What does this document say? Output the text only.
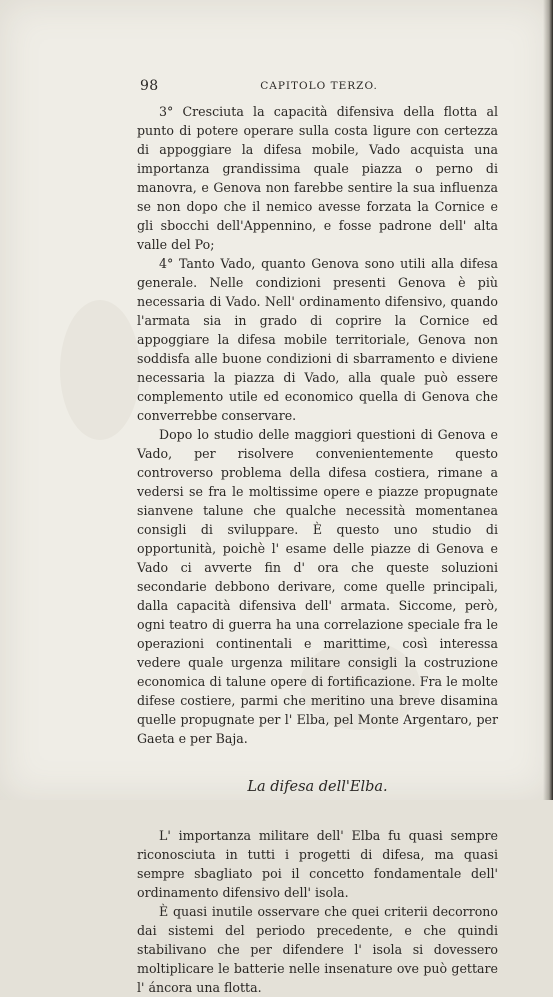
98	CAPITOLO TERZO.

3° Cresciuta la capacità difensiva della flotta al punto di potere operare sulla costa ligure con certezza di appoggiare la difesa mobile, Vado acquista una importanza grandissima quale piazza o perno di manovra, e Genova non farebbe sentire la sua influenza se non dopo che il nemico avesse forzata la Cornice e gli sbocchi dell'Appennino, e fosse padrone dell' alta valle del Po;

4° Tanto Vado, quanto Genova sono utili alla difesa generale. Nelle condizioni presenti Genova è più necessaria di Vado. Nell' ordinamento difensivo, quando l'armata sia in grado di coprire la Cornice ed appoggiare la difesa mobile territoriale, Genova non soddisfa alle buone condizioni di sbarramento e diviene necessaria la piazza di Vado, alla quale può essere complemento utile ed economico quella di Genova che converrebbe conservare.

Dopo lo studio delle maggiori questioni di Genova e Vado, per risolvere convenientemente questo controverso problema della difesa costiera, rimane a vedersi se fra le moltissime opere e piazze propugnate sianvene talune che qualche necessità momentanea consigli di sviluppare. È questo uno studio di opportunità, poichè l' esame delle piazze di Genova e Vado ci avverte fin d' ora che queste soluzioni secondarie debbono derivare, come quelle principali, dalla capacità difensiva dell' armata. Siccome, però, ogni teatro di guerra ha una correlazione speciale fra le operazioni continentali e marittime, così interessa vedere quale urgenza militare consigli la costruzione economica di talune opere di fortificazione. Fra le molte difese costiere, parmi che meritino una breve disamina quelle propugnate per l' Elba, pel Monte Argentaro, per Gaeta e per Baja.

La difesa dell'Elba.

L' importanza militare dell' Elba fu quasi sempre riconosciuta in tutti i progetti di difesa, ma quasi sempre sbagliato poi il concetto fondamentale dell' ordinamento difensivo dell' isola.

È quasi inutile osservare che quei criterii decorrono dai sistemi del periodo precedente, e che quindi stabilivano che per difendere l' isola si dovessero moltiplicare le batterie nelle insenature ove può gettare l' áncora una flotta.
